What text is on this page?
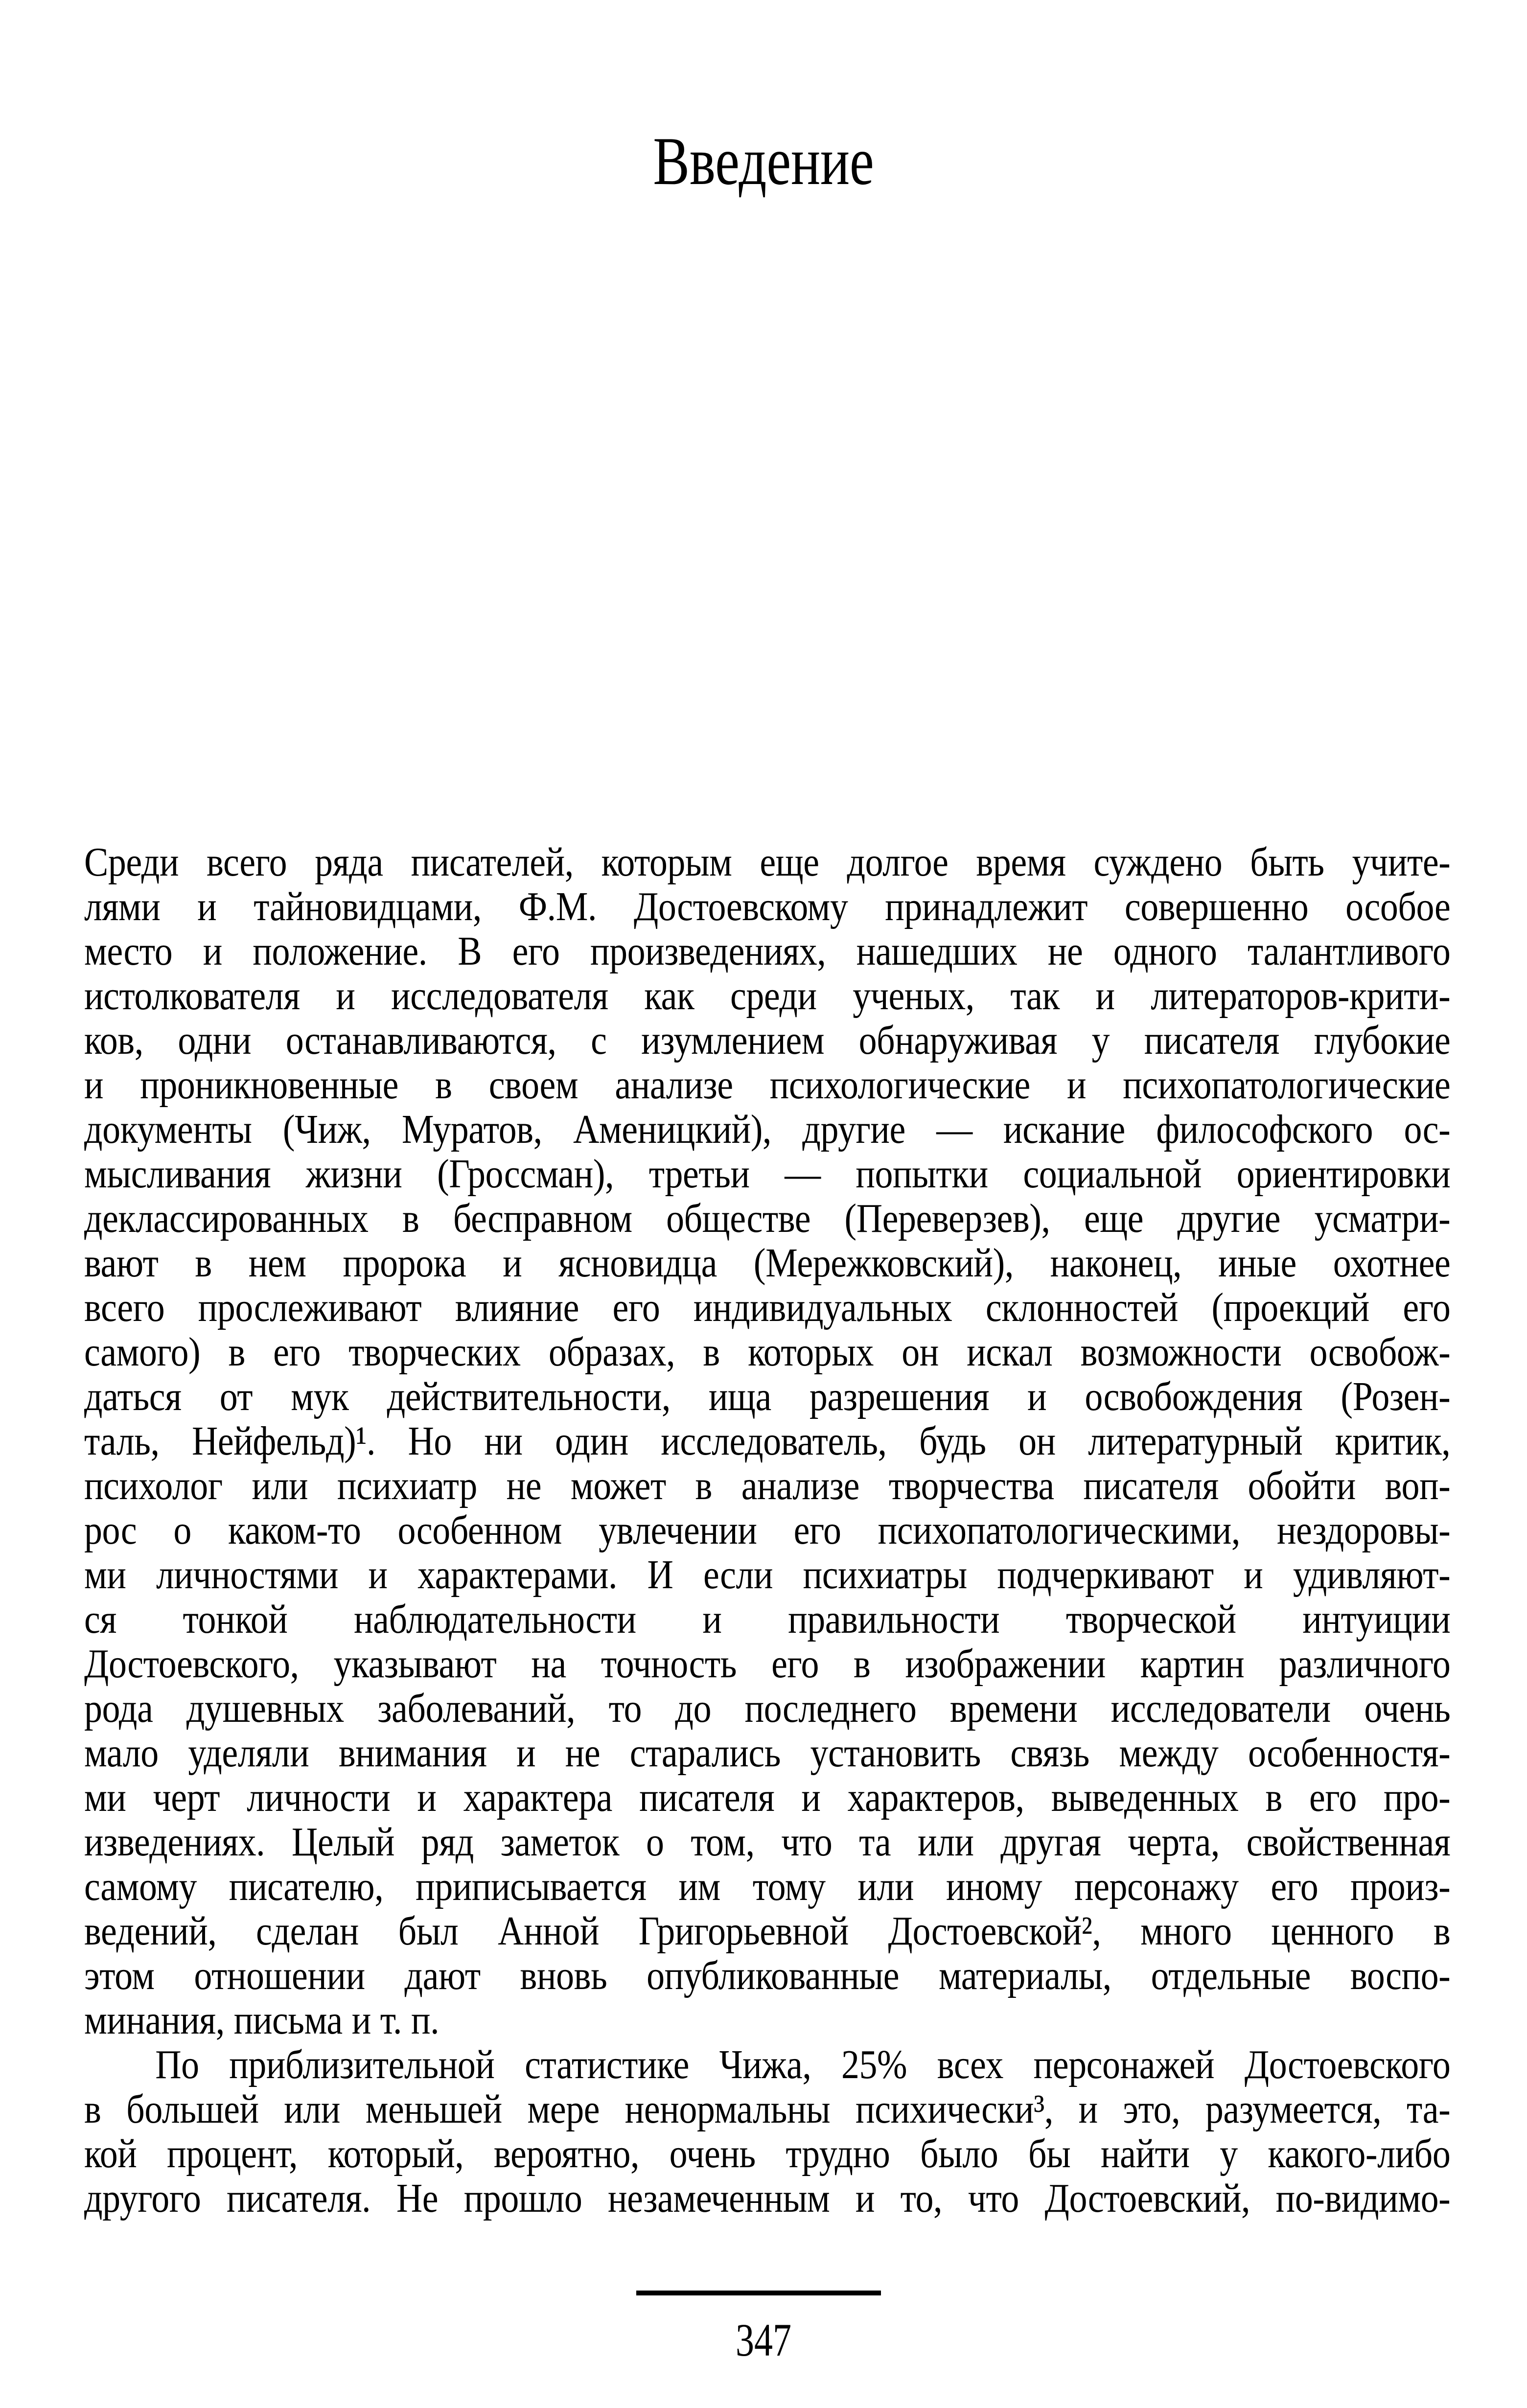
Введение
Среди всего ряда писателей, которым еще долгое время суждено быть учите-
лями и тайновидцами, Ф.М. Достоевскому принадлежит совершенно особое
место и положение. В его произведениях, нашедших не одного талантливого
истолкователя и исследователя как среди ученых, так и литераторов-крити-
ков, одни останавливаются, с изумлением обнаруживая у писателя глубокие
и проникновенные в своем анализе психологические и психопатологические
документы (Чиж, Муратов, Аменицкий), другие — искание философского ос-
мысливания жизни (Гроссман), третьи — попытки социальной ориентировки
деклассированных в бесправном обществе (Переверзев), еще другие усматри-
вают в нем пророка и ясновидца (Мережковский), наконец, иные охотнее
всего прослеживают влияние его индивидуальных склонностей (проекций его
самого) в его творческих образах, в которых он искал возможности освобож-
даться от мук действительности, ища разрешения и освобождения (Розен-
таль, Нейфельд)¹. Но ни один исследователь, будь он литературный критик,
психолог или психиатр не может в анализе творчества писателя обойти воп-
рос о каком-то особенном увлечении его психопатологическими, нездоровы-
ми личностями и характерами. И если психиатры подчеркивают и удивляют-
ся тонкой наблюдательности и правильности творческой интуиции
Достоевского, указывают на точность его в изображении картин различного
рода душевных заболеваний, то до последнего времени исследователи очень
мало уделяли внимания и не старались установить связь между особенностя-
ми черт личности и характера писателя и характеров, выведенных в его про-
изведениях. Целый ряд заметок о том, что та или другая черта, свойственная
самому писателю, приписывается им тому или иному персонажу его произ-
ведений, сделан был Анной Григорьевной Достоевской², много ценного в
этом отношении дают вновь опубликованные материалы, отдельные воспо-
минания, письма и т. п.
По приблизительной статистике Чижа, 25% всех персонажей Достоевского
в большей или меньшей мере ненормальны психически³, и это, разумеется, та-
кой процент, который, вероятно, очень трудно было бы найти у какого-либо
другого писателя. Не прошло незамеченным и то, что Достоевский, по-видимо-
347
